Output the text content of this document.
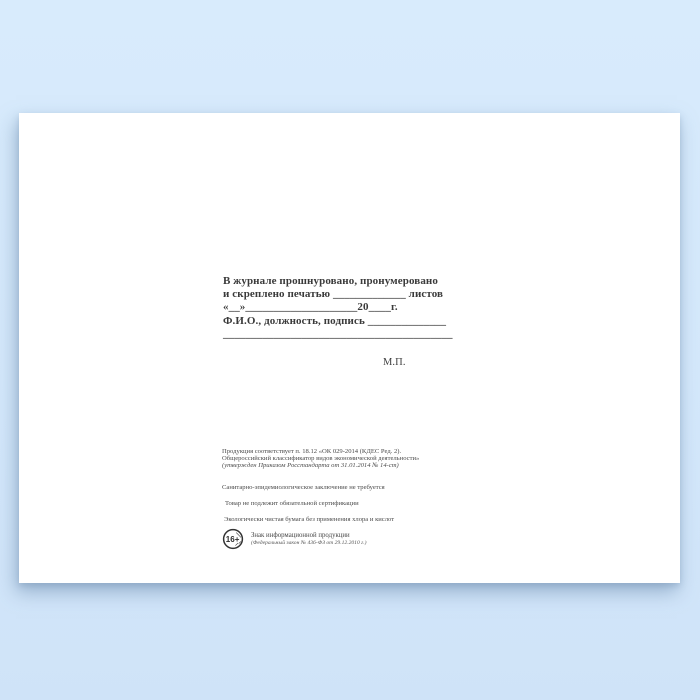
В журнале прошнуровано, пронумеровано
и скреплено печатью _____________ листов
«__»____________________20____г.
Ф.И.О., должность, подпись ______________
_________________________________________
М.П.
Продукция соответствует п. 18.12 «ОК 029-2014 (КДЕС Ред. 2).
Общероссийский классификатор видов экономической деятельности»
(утвержден Приказом Росстандарта от 31.01.2014 № 14-ст)
Санитарно-эпидемиологическое заключение не требуется
Товар не подлежит обязательной сертификации
Экологически чистая бумага без применения хлора и кислот
16+ Знак информационной продукции
(Федеральный закон № 436-ФЗ от 29.12.2010 г.)
